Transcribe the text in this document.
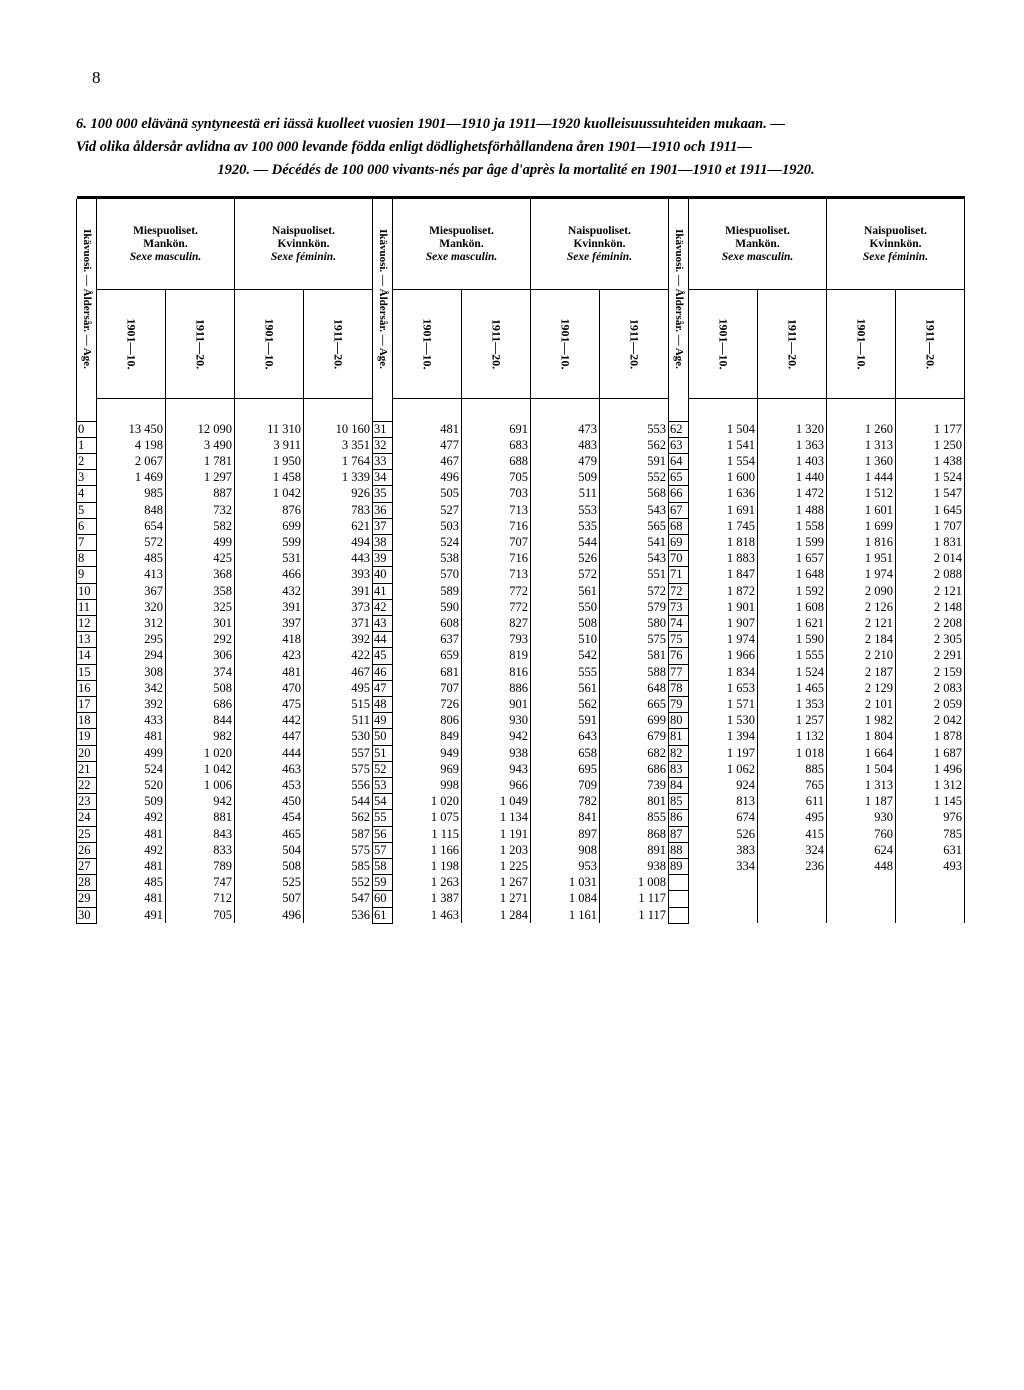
8
6. 100 000 elävänä syntyneestä eri iässä kuolleet vuosien 1901—1910 ja 1911—1920 kuolleisuussuhteiden mukaan. —
Vid olika åldersår avlidna av 100 000 levande födda enligt dödlighetsförhållandena åren 1901—1910 och 1911—
1920. — Décédés de 100 000 vivants-nés par âge d'après la mortalité en 1901—1910 et 1911—1920.

Ikävuosi. — Åldersår. — Age.	Miespuoliset.
Mankön.
Sexe masculin.		Naispuoliset.
Kvinnkön.
Sexe féminin.		Ikävuosi. — Åldersår. — Age.	Miespuoliset.
Mankön.
Sexe masculin.		Naispuoliset.
Kvinnkön.
Sexe féminin.		Ikävuosi. — Åldersår. — Age.	Miespuoliset.
Mankön.
Sexe masculin.		Naispuoliset.
Kvinnkön.
Sexe féminin.	

	1901—10.	1911—20.	1901—10.	1911—20.		1901—10.	1911—20.	1901—10.	1911—20.		1901—10.	1911—20.	1901—10.	1911—20.

0	13 450	12 090	11 310	10 160	31	481	691	473	553	62	1 504	1 320	1 260	1 177
1	4 198	3 490	3 911	3 351	32	477	683	483	562	63	1 541	1 363	1 313	1 250
2	2 067	1 781	1 950	1 764	33	467	688	479	591	64	1 554	1 403	1 360	1 438
3	1 469	1 297	1 458	1 339	34	496	705	509	552	65	1 600	1 440	1 444	1 524
4	985	887	1 042	926	35	505	703	511	568	66	1 636	1 472	1 512	1 547
5	848	732	876	783	36	527	713	553	543	67	1 691	1 488	1 601	1 645
6	654	582	699	621	37	503	716	535	565	68	1 745	1 558	1 699	1 707
7	572	499	599	494	38	524	707	544	541	69	1 818	1 599	1 816	1 831
8	485	425	531	443	39	538	716	526	543	70	1 883	1 657	1 951	2 014
9	413	368	466	393	40	570	713	572	551	71	1 847	1 648	1 974	2 088
10	367	358	432	391	41	589	772	561	572	72	1 872	1 592	2 090	2 121
11	320	325	391	373	42	590	772	550	579	73	1 901	1 608	2 126	2 148
12	312	301	397	371	43	608	827	508	580	74	1 907	1 621	2 121	2 208
13	295	292	418	392	44	637	793	510	575	75	1 974	1 590	2 184	2 305
14	294	306	423	422	45	659	819	542	581	76	1 966	1 555	2 210	2 291
15	308	374	481	467	46	681	816	555	588	77	1 834	1 524	2 187	2 159
16	342	508	470	495	47	707	886	561	648	78	1 653	1 465	2 129	2 083
17	392	686	475	515	48	726	901	562	665	79	1 571	1 353	2 101	2 059
18	433	844	442	511	49	806	930	591	699	80	1 530	1 257	1 982	2 042
19	481	982	447	530	50	849	942	643	679	81	1 394	1 132	1 804	1 878
20	499	1 020	444	557	51	949	938	658	682	82	1 197	1 018	1 664	1 687
21	524	1 042	463	575	52	969	943	695	686	83	1 062	885	1 504	1 496
22	520	1 006	453	556	53	998	966	709	739	84	924	765	1 313	1 312
23	509	942	450	544	54	1 020	1 049	782	801	85	813	611	1 187	1 145
24	492	881	454	562	55	1 075	1 134	841	855	86	674	495	930	976
25	481	843	465	587	56	1 115	1 191	897	868	87	526	415	760	785
26	492	833	504	575	57	1 166	1 203	908	891	88	383	324	624	631
27	481	789	508	585	58	1 198	1 225	953	938	89	334	236	448	493
28	485	747	525	552	59	1 263	1 267	1 031	1 008					
29	481	712	507	547	60	1 387	1 271	1 084	1 117					
30	491	705	496	536	61	1 463	1 284	1 161	1 117					
